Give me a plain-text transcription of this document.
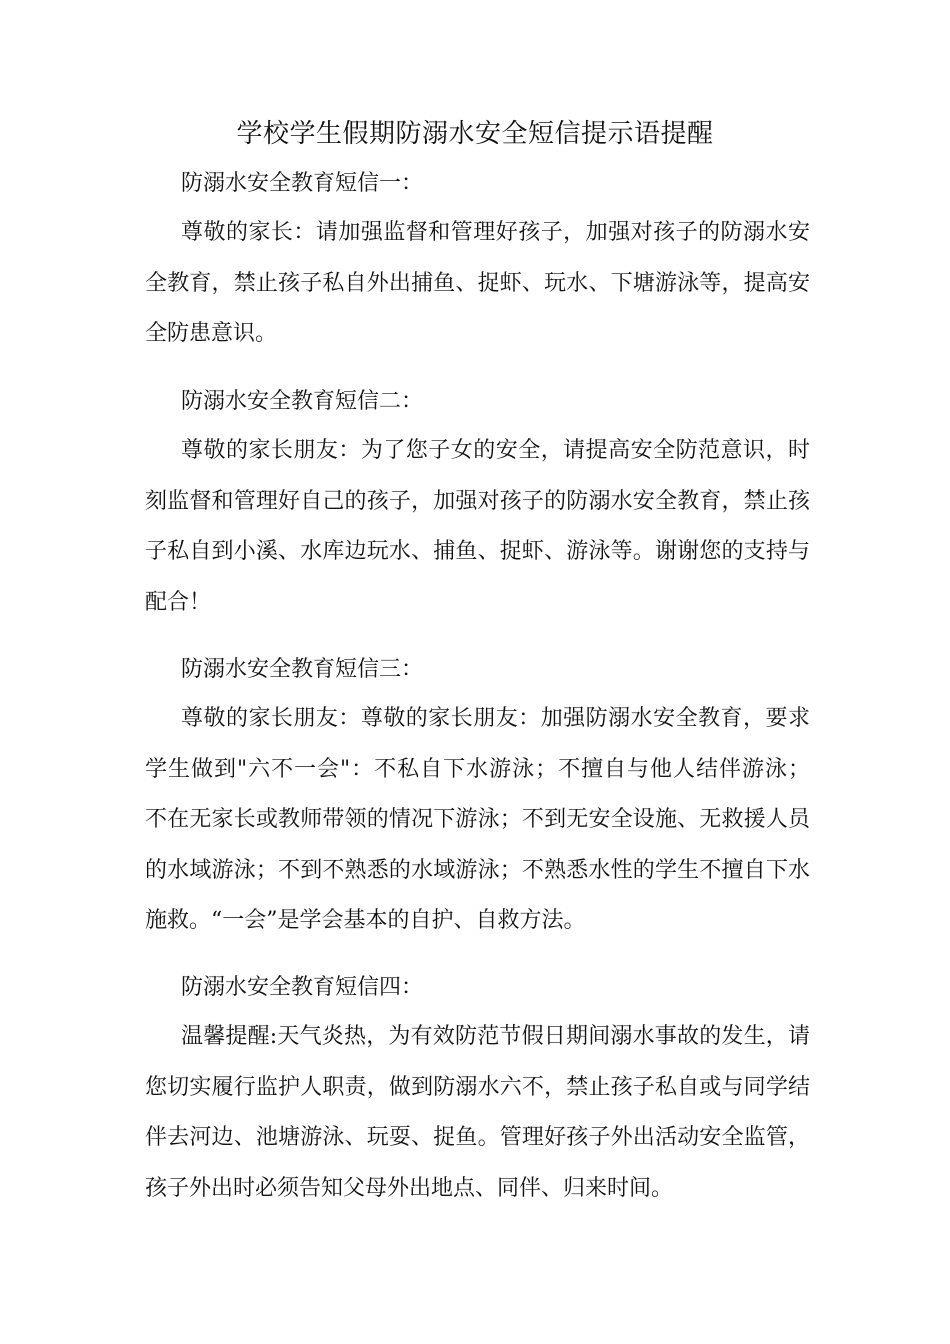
学校学生假期防溺水安全短信提示语提醒

防溺水安全教育短信一：

尊敬的家长：请加强监督和管理好孩子，加强对孩子的防溺水安全教育，禁止孩子私自外出捕鱼、捉虾、玩水、下塘游泳等，提高安全防患意识。

防溺水安全教育短信二：

尊敬的家长朋友：为了您子女的安全，请提高安全防范意识，时刻监督和管理好自己的孩子，加强对孩子的防溺水安全教育，禁止孩子私自到小溪、水库边玩水、捕鱼、捉虾、游泳等。谢谢您的支持与配合！

防溺水安全教育短信三：

尊敬的家长朋友：尊敬的家长朋友：加强防溺水安全教育，要求学生做到"六不一会"：不私自下水游泳；不擅自与他人结伴游泳； 不在无家长或教师带领的情况下游泳；不到无安全设施、无救援人员的水域游泳；不到不熟悉的水域游泳；不熟悉水性的学生不擅自下水施救。“一会”是学会基本的自护、自救方法。

防溺水安全教育短信四：

温馨提醒:天气炎热，为有效防范节假日期间溺水事故的发生，请您切实履行监护人职责，做到防溺水六不，禁止孩子私自或与同学结伴去河边、池塘游泳、玩耍、捉鱼。管理好孩子外出活动安全监管，孩子外出时必须告知父母外出地点、同伴、归来时间。
